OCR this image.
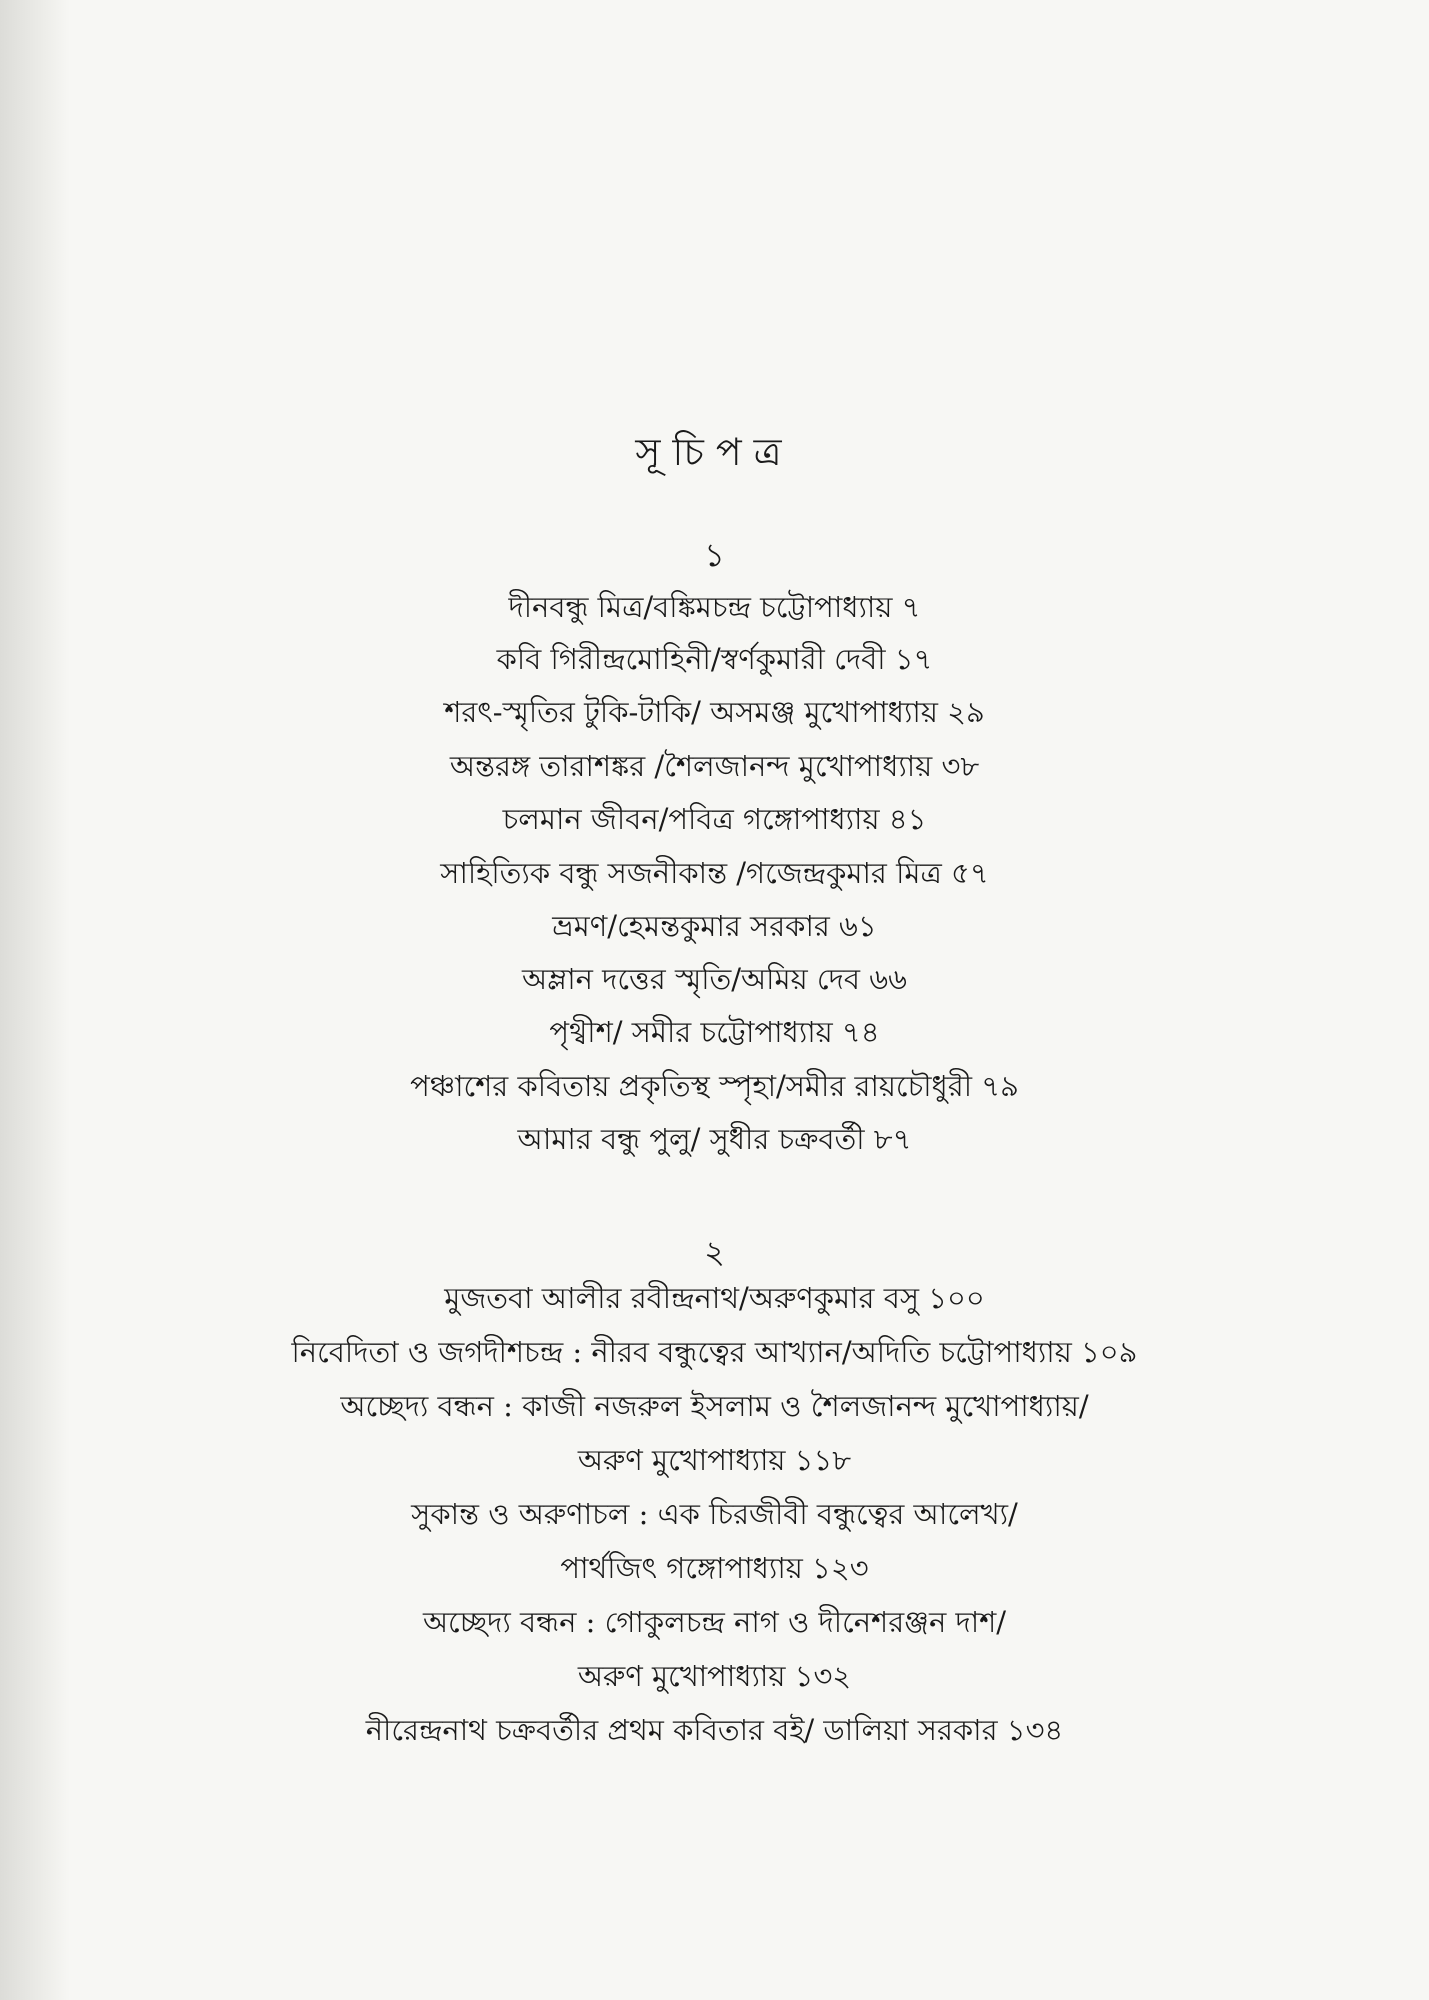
সূচিপত্র
১
দীনবন্ধু মিত্র/বঙ্কিমচন্দ্র চট্টোপাধ্যায় ৭
কবি গিরীন্দ্রমোহিনী/স্বর্ণকুমারী দেবী ১৭
শরৎ-স্মৃতির টুকি-টাকি/ অসমঞ্জ মুখোপাধ্যায় ২৯
অন্তরঙ্গ তারাশঙ্কর /শৈলজানন্দ মুখোপাধ্যায় ৩৮
চলমান জীবন/পবিত্র গঙ্গোপাধ্যায় ৪১
সাহিত্যিক বন্ধু সজনীকান্ত /গজেন্দ্রকুমার মিত্র ৫৭
ভ্রমণ/হেমন্তকুমার সরকার ৬১
অম্লান দত্তের স্মৃতি/অমিয় দেব ৬৬
পৃথ্বীশ/ সমীর চট্টোপাধ্যায় ৭৪
পঞ্চাশের কবিতায় প্রকৃতিস্থ স্পৃহা/সমীর রায়চৌধুরী ৭৯
আমার বন্ধু পুলু/ সুধীর চক্রবর্তী ৮৭
২
মুজতবা আলীর রবীন্দ্রনাথ/অরুণকুমার বসু ১০০
নিবেদিতা ও জগদীশচন্দ্র : নীরব বন্ধুত্বের আখ্যান/অদিতি চট্টোপাধ্যায় ১০৯
অচ্ছেদ্য বন্ধন : কাজী নজরুল ইসলাম ও শৈলজানন্দ মুখোপাধ্যায়/
অরুণ মুখোপাধ্যায় ১১৮
সুকান্ত ও অরুণাচল : এক চিরজীবী বন্ধুত্বের আলেখ্য/
পার্থজিৎ গঙ্গোপাধ্যায় ১২৩
অচ্ছেদ্য বন্ধন : গোকুলচন্দ্র নাগ ও দীনেশরঞ্জন দাশ/
অরুণ মুখোপাধ্যায় ১৩২
নীরেন্দ্রনাথ চক্রবর্তীর প্রথম কবিতার বই/ ডালিয়া সরকার ১৩৪
